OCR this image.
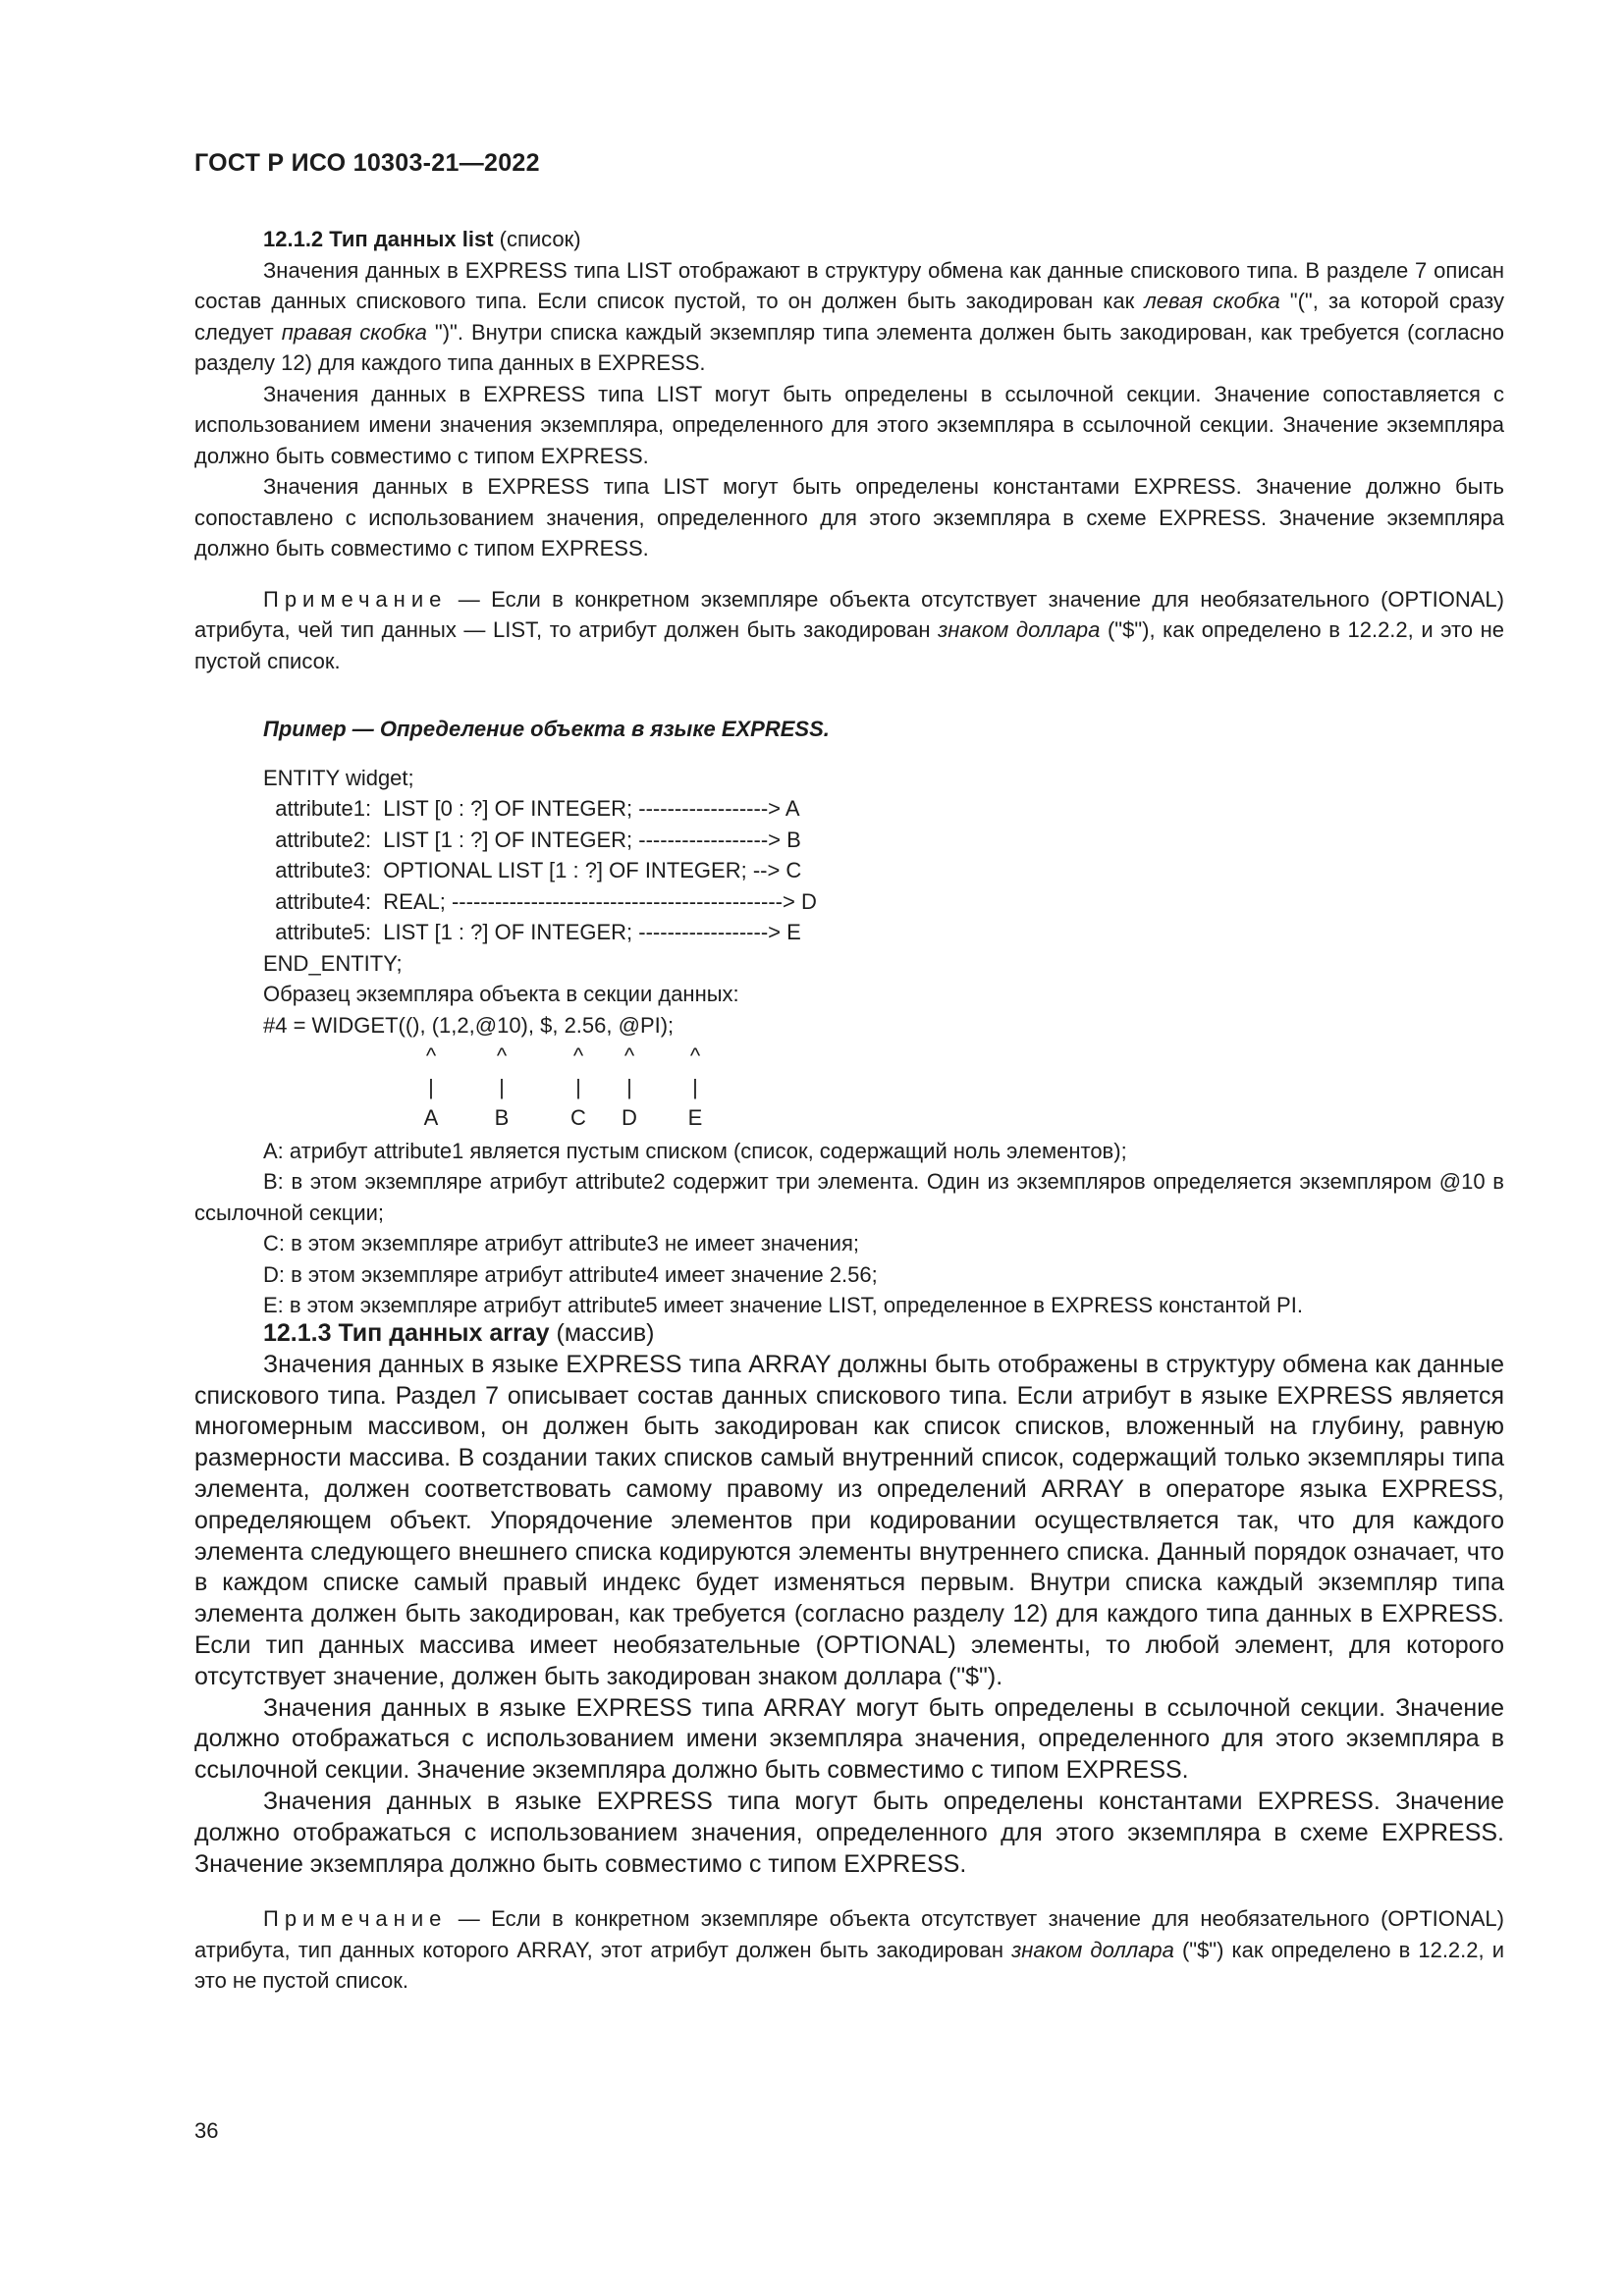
ГОСТ Р ИСО 10303-21—2022

12.1.2 Тип данных list (список)

Значения данных в EXPRESS типа LIST отображают в структуру обмена как данные спискового типа. В разделе 7 описан состав данных спискового типа. Если список пустой, то он должен быть закодирован как левая скобка "(", за которой сразу следует правая скобка ")". Внутри списка каждый экземпляр типа элемента должен быть закодирован, как требуется (согласно разделу 12) для каждого типа данных в EXPRESS.

Значения данных в EXPRESS типа LIST могут быть определены в ссылочной секции. Значение сопоставляется с использованием имени значения экземпляра, определенного для этого экземпляра в ссылочной секции. Значение экземпляра должно быть совместимо с типом EXPRESS.

Значения данных в EXPRESS типа LIST могут быть определены константами EXPRESS. Значение должно быть сопоставлено с использованием значения, определенного для этого экземпляра в схеме EXPRESS. Значение экземпляра должно быть совместимо с типом EXPRESS.

Примечание — Если в конкретном экземпляре объекта отсутствует значение для необязательного (OPTIONAL) атрибута, чей тип данных — LIST, то атрибут должен быть закодирован знаком доллара ("$"), как определено в 12.2.2, и это не пустой список.

Пример — Определение объекта в языке EXPRESS.

ENTITY widget;
attribute1:  LIST [0 : ?] OF INTEGER; ------------------> A
attribute2:  LIST [1 : ?] OF INTEGER; ------------------> B
attribute3:  OPTIONAL LIST [1 : ?] OF INTEGER; --> C
attribute4:  REAL; ----------------------------------------------> D
attribute5:  LIST [1 : ?] OF INTEGER; ------------------> E
END_ENTITY;
Образец экземпляра объекта в секции данных:
#4 = WIDGET((), (1,2,@10), $, 2.56, @PI);
^	^	^	^	^
|	|	|	|	|
A	B	C	D	E

A: атрибут attribute1 является пустым списком (список, содержащий ноль элементов);

B: в этом экземпляре атрибут attribute2 содержит три элемента. Один из экземпляров определяется экземпляром @10 в ссылочной секции;

C: в этом экземпляре атрибут attribute3 не имеет значения;

D: в этом экземпляре атрибут attribute4 имеет значение 2.56;

E: в этом экземпляре атрибут attribute5 имеет значение LIST, определенное в EXPRESS константой PI.

12.1.3 Тип данных array (массив)

Значения данных в языке EXPRESS типа ARRAY должны быть отображены в структуру обмена как данные спискового типа. Раздел 7 описывает состав данных спискового типа. Если атрибут в языке EXPRESS является многомерным массивом, он должен быть закодирован как список списков, вложенный на глубину, равную размерности массива. В создании таких списков самый внутренний список, содержащий только экземпляры типа элемента, должен соответствовать самому правому из определений ARRAY в операторе языка EXPRESS, определяющем объект. Упорядочение элементов при кодировании осуществляется так, что для каждого элемента следующего внешнего списка кодируются элементы внутреннего списка. Данный порядок означает, что в каждом списке самый правый индекс будет изменяться первым. Внутри списка каждый экземпляр типа элемента должен быть закодирован, как требуется (согласно разделу 12) для каждого типа данных в EXPRESS. Если тип данных массива имеет необязательные (OPTIONAL) элементы, то любой элемент, для которого отсутствует значение, должен быть закодирован знаком доллара ("$").

Значения данных в языке EXPRESS типа ARRAY могут быть определены в ссылочной секции. Значение должно отображаться с использованием имени экземпляра значения, определенного для этого экземпляра в ссылочной секции. Значение экземпляра должно быть совместимо с типом EXPRESS.

Значения данных в языке EXPRESS типа могут быть определены константами EXPRESS. Значение должно отображаться с использованием значения, определенного для этого экземпляра в схеме EXPRESS. Значение экземпляра должно быть совместимо с типом EXPRESS.

Примечание — Если в конкретном экземпляре объекта отсутствует значение для необязательного (OPTIONAL) атрибута, тип данных которого ARRAY, этот атрибут должен быть закодирован знаком доллара ("$") как определено в 12.2.2, и это не пустой список.

36
